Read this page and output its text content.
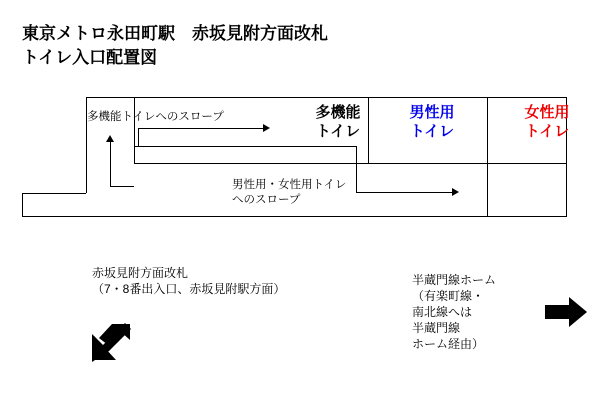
東京メトロ永田町駅　赤坂見附方面改札
トイレ入口配置図
多機能
トイレ
男性用
トイレ
女性用
トイレ
多機能トイレへのスロープ
男性用・女性用トイレ
へのスロープ
赤坂見附方面改札
（7・8番出入口、赤坂見附駅方面）
半蔵門線ホーム
（有楽町線・
南北線へは
半蔵門線
ホーム経由）
